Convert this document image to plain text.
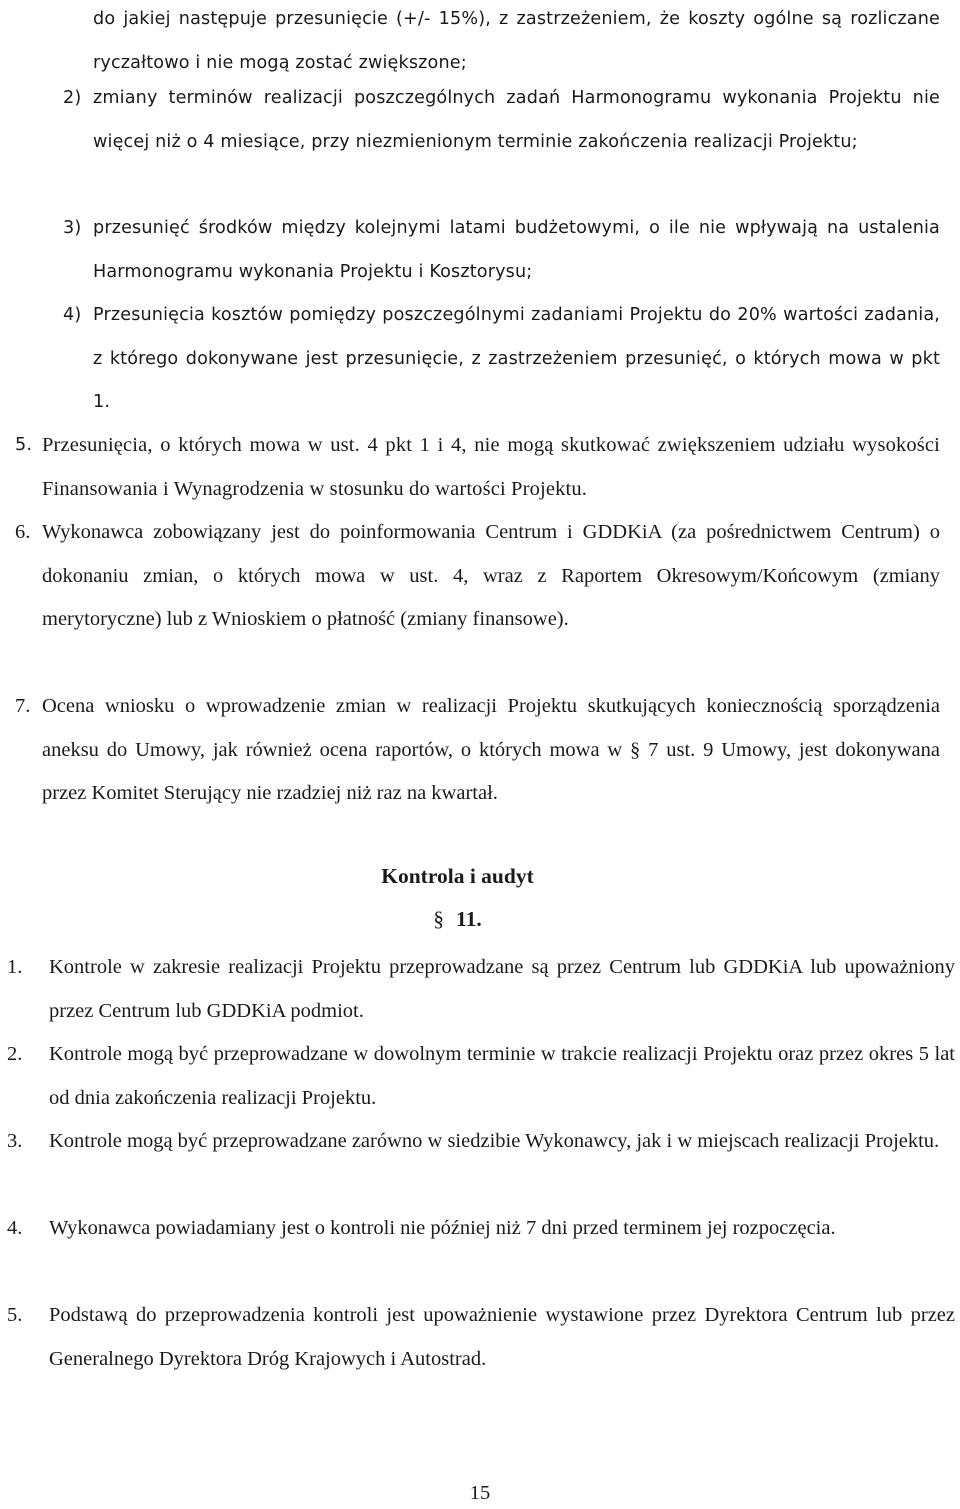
do jakiej następuje przesunięcie (+/- 15%), z zastrzeżeniem, że koszty ogólne są rozliczane ryczałtowo i nie mogą zostać zwiększone;
2) zmiany terminów realizacji poszczególnych zadań Harmonogramu wykonania Projektu nie więcej niż o 4 miesiące, przy niezmienionym terminie zakończenia realizacji Projektu;
3) przesunięć środków między kolejnymi latami budżetowymi, o ile nie wpływają na ustalenia Harmonogramu wykonania Projektu i Kosztorysu;
4) Przesunięcia kosztów pomiędzy poszczególnymi zadaniami Projektu do 20% wartości zadania, z którego dokonywane jest przesunięcie, z zastrzeżeniem przesunięć, o których mowa w pkt 1.
5. Przesunięcia, o których mowa w ust. 4 pkt 1 i 4, nie mogą skutkować zwiększeniem udziału wysokości Finansowania i Wynagrodzenia w stosunku do wartości Projektu.
6. Wykonawca zobowiązany jest do poinformowania Centrum i GDDKiA (za pośrednictwem Centrum) o dokonaniu zmian, o których mowa w ust. 4, wraz z Raportem Okresowym/Końcowym (zmiany merytoryczne) lub z Wnioskiem o płatność (zmiany finansowe).
7. Ocena wniosku o wprowadzenie zmian w realizacji Projektu skutkujących koniecznością sporządzenia aneksu do Umowy, jak również ocena raportów, o których mowa w § 7 ust. 9 Umowy, jest dokonywana przez Komitet Sterujący nie rzadziej niż raz na kwartał.
Kontrola i audyt
§ 11.
1.	Kontrole w zakresie realizacji Projektu przeprowadzane są przez Centrum lub GDDKiA lub upoważniony przez Centrum lub GDDKiA podmiot.
2.	Kontrole mogą być przeprowadzane w dowolnym terminie w trakcie realizacji Projektu oraz przez okres 5 lat od dnia zakończenia realizacji Projektu.
3.	Kontrole mogą być przeprowadzane zarówno w siedzibie Wykonawcy, jak i w miejscach realizacji Projektu.
4.	Wykonawca powiadamiany jest o kontroli nie później niż 7 dni przed terminem jej rozpoczęcia.
5.	Podstawą do przeprowadzenia kontroli jest upoważnienie wystawione przez Dyrektora Centrum lub przez Generalnego Dyrektora Dróg Krajowych i Autostrad.
15
